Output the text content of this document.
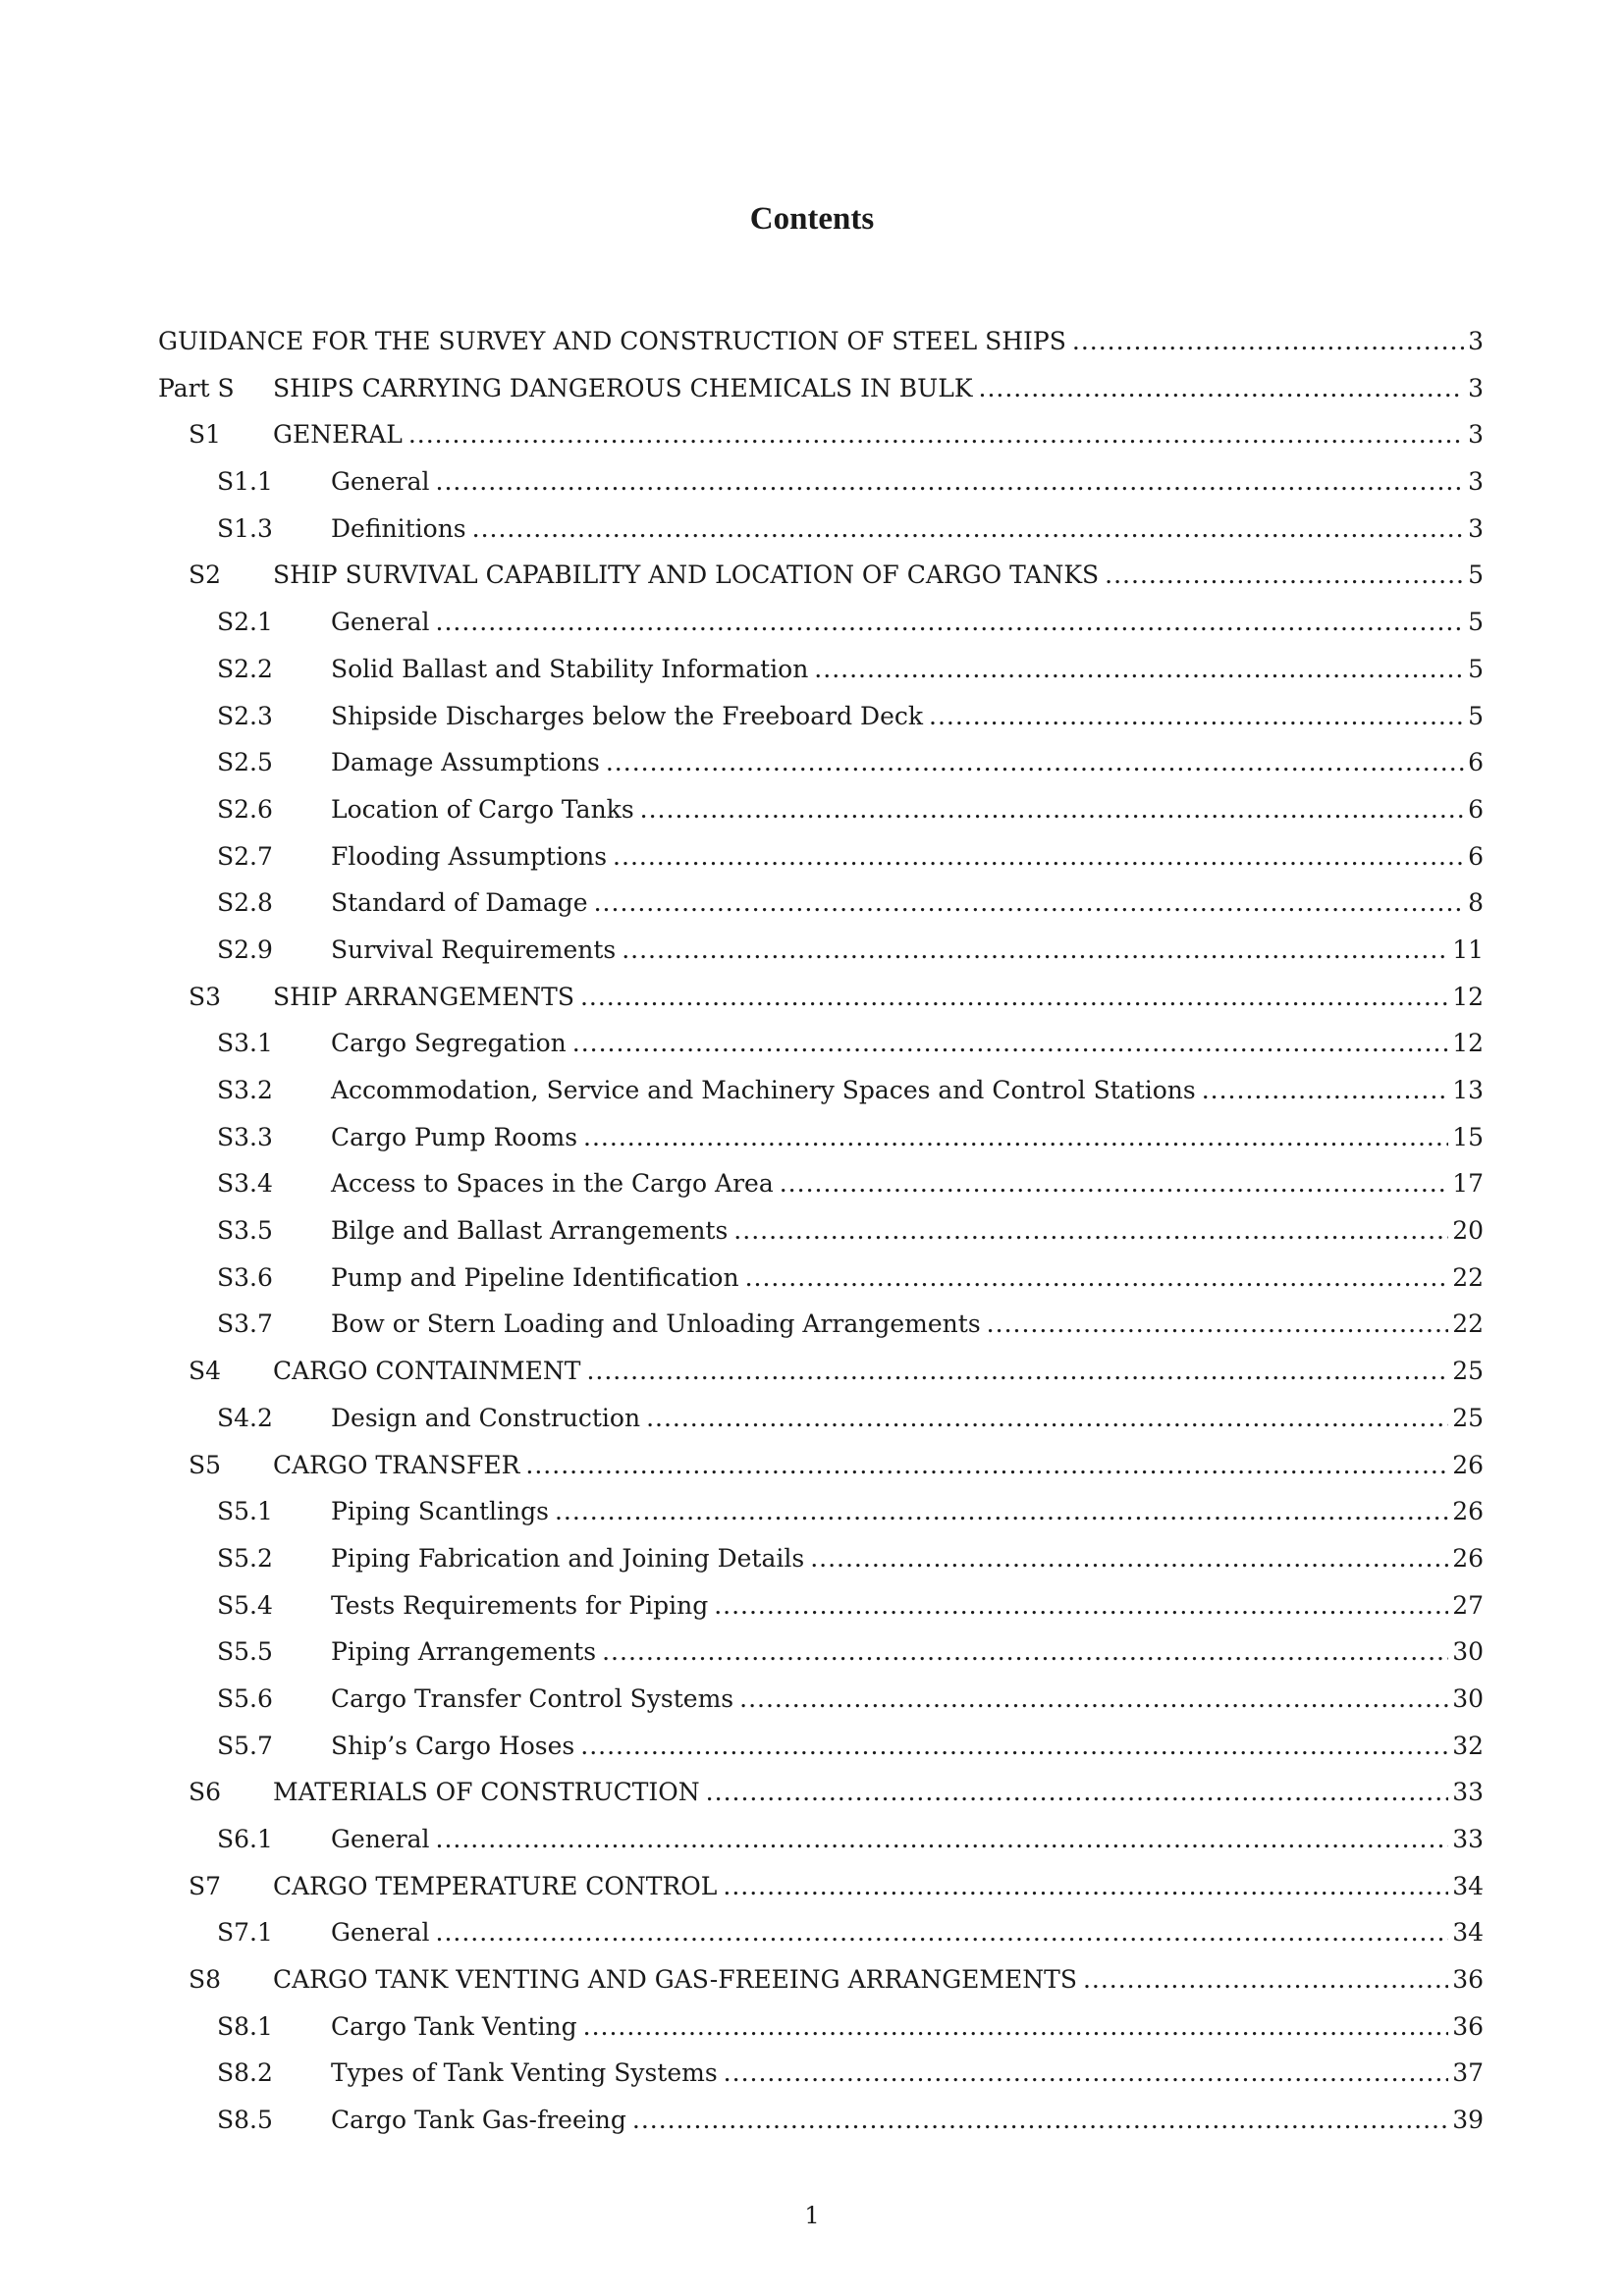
Contents
GUIDANCE FOR THE SURVEY AND CONSTRUCTION OF STEEL SHIPS .....	3
Part S SHIPS CARRYING DANGEROUS CHEMICALS IN BULK .....	3
S1 GENERAL .....	3
S1.1 General .....	3
S1.3 Definitions .....	3
S2 SHIP SURVIVAL CAPABILITY AND LOCATION OF CARGO TANKS .....	5
S2.1 General .....	5
S2.2 Solid Ballast and Stability Information .....	5
S2.3 Shipside Discharges below the Freeboard Deck .....	5
S2.5 Damage Assumptions .....	6
S2.6 Location of Cargo Tanks .....	6
S2.7 Flooding Assumptions .....	6
S2.8 Standard of Damage .....	8
S2.9 Survival Requirements .....	11
S3 SHIP ARRANGEMENTS .....	12
S3.1 Cargo Segregation .....	12
S3.2 Accommodation, Service and Machinery Spaces and Control Stations .....	13
S3.3 Cargo Pump Rooms .....	15
S3.4 Access to Spaces in the Cargo Area .....	17
S3.5 Bilge and Ballast Arrangements .....	20
S3.6 Pump and Pipeline Identification .....	22
S3.7 Bow or Stern Loading and Unloading Arrangements .....	22
S4 CARGO CONTAINMENT .....	25
S4.2 Design and Construction .....	25
S5 CARGO TRANSFER .....	26
S5.1 Piping Scantlings .....	26
S5.2 Piping Fabrication and Joining Details .....	26
S5.4 Tests Requirements for Piping .....	27
S5.5 Piping Arrangements .....	30
S5.6 Cargo Transfer Control Systems .....	30
S5.7 Ship’s Cargo Hoses .....	32
S6 MATERIALS OF CONSTRUCTION .....	33
S6.1 General .....	33
S7 CARGO TEMPERATURE CONTROL .....	34
S7.1 General .....	34
S8 CARGO TANK VENTING AND GAS-FREEING ARRANGEMENTS .....	36
S8.1 Cargo Tank Venting .....	36
S8.2 Types of Tank Venting Systems .....	37
S8.5 Cargo Tank Gas-freeing .....	39
1
